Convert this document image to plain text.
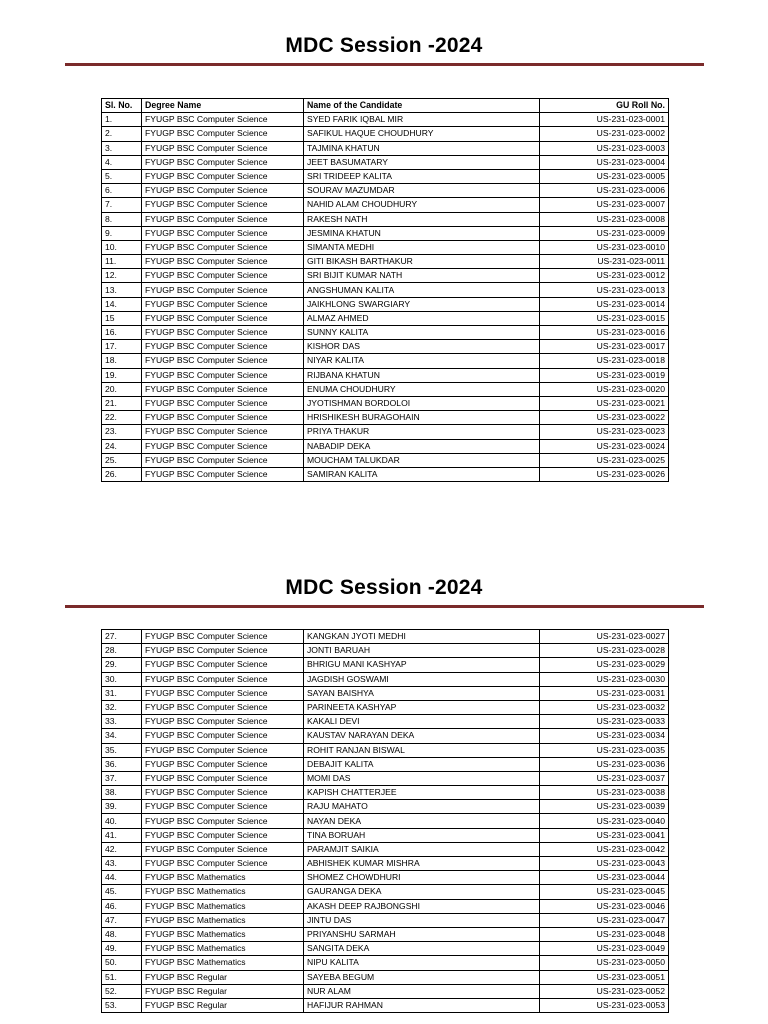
MDC Session -2024
Sl. No.	Degree Name	Name of the Candidate	GU Roll No.
1.	FYUGP BSC Computer Science	SYED FARIK IQBAL MIR	US-231-023-0001
2.	FYUGP BSC Computer Science	SAFIKUL HAQUE CHOUDHURY	US-231-023-0002
3.	FYUGP BSC Computer Science	TAJMINA KHATUN	US-231-023-0003
4.	FYUGP BSC Computer Science	JEET BASUMATARY	US-231-023-0004
5.	FYUGP BSC Computer Science	SRI TRIDEEP KALITA	US-231-023-0005
6.	FYUGP BSC Computer Science	SOURAV MAZUMDAR	US-231-023-0006
7.	FYUGP BSC Computer Science	NAHID ALAM CHOUDHURY	US-231-023-0007
8.	FYUGP BSC Computer Science	RAKESH NATH	US-231-023-0008
9.	FYUGP BSC Computer Science	JESMINA KHATUN	US-231-023-0009
10.	FYUGP BSC Computer Science	SIMANTA MEDHI	US-231-023-0010
11.	FYUGP BSC Computer Science	GITI BIKASH BARTHAKUR	US-231-023-0011
12.	FYUGP BSC Computer Science	SRI BIJIT KUMAR NATH	US-231-023-0012
13.	FYUGP BSC Computer Science	ANGSHUMAN KALITA	US-231-023-0013
14.	FYUGP BSC Computer Science	JAIKHLONG SWARGIARY	US-231-023-0014
15	FYUGP BSC Computer Science	ALMAZ AHMED	US-231-023-0015
16.	FYUGP BSC Computer Science	SUNNY KALITA	US-231-023-0016
17.	FYUGP BSC Computer Science	KISHOR DAS	US-231-023-0017
18.	FYUGP BSC Computer Science	NIYAR KALITA	US-231-023-0018
19.	FYUGP BSC Computer Science	RIJBANA KHATUN	US-231-023-0019
20.	FYUGP BSC Computer Science	ENUMA CHOUDHURY	US-231-023-0020
21.	FYUGP BSC Computer Science	JYOTISHMAN BORDOLOI	US-231-023-0021
22.	FYUGP BSC Computer Science	HRISHIKESH BURAGOHAIN	US-231-023-0022
23.	FYUGP BSC Computer Science	PRIYA THAKUR	US-231-023-0023
24.	FYUGP BSC Computer Science	NABADIP DEKA	US-231-023-0024
25.	FYUGP BSC Computer Science	MOUCHAM TALUKDAR	US-231-023-0025
26.	FYUGP BSC Computer Science	SAMIRAN KALITA	US-231-023-0026
MDC Session -2024
27.	FYUGP BSC Computer Science	KANGKAN JYOTI MEDHI	US-231-023-0027
28.	FYUGP BSC Computer Science	JONTI BARUAH	US-231-023-0028
29.	FYUGP BSC Computer Science	BHRIGU MANI KASHYAP	US-231-023-0029
30.	FYUGP BSC Computer Science	JAGDISH GOSWAMI	US-231-023-0030
31.	FYUGP BSC Computer Science	SAYAN BAISHYA	US-231-023-0031
32.	FYUGP BSC Computer Science	PARINEETA KASHYAP	US-231-023-0032
33.	FYUGP BSC Computer Science	KAKALI DEVI	US-231-023-0033
34.	FYUGP BSC Computer Science	KAUSTAV NARAYAN DEKA	US-231-023-0034
35.	FYUGP BSC Computer Science	ROHIT RANJAN BISWAL	US-231-023-0035
36.	FYUGP BSC Computer Science	DEBAJIT KALITA	US-231-023-0036
37.	FYUGP BSC Computer Science	MOMI DAS	US-231-023-0037
38.	FYUGP BSC Computer Science	KAPISH CHATTERJEE	US-231-023-0038
39.	FYUGP BSC Computer Science	RAJU MAHATO	US-231-023-0039
40.	FYUGP BSC Computer Science	NAYAN DEKA	US-231-023-0040
41.	FYUGP BSC Computer Science	TINA BORUAH	US-231-023-0041
42.	FYUGP BSC Computer Science	PARAMJIT SAIKIA	US-231-023-0042
43.	FYUGP BSC Computer Science	ABHISHEK KUMAR MISHRA	US-231-023-0043
44.	FYUGP BSC Mathematics	SHOMEZ CHOWDHURI	US-231-023-0044
45.	FYUGP BSC Mathematics	GAURANGA DEKA	US-231-023-0045
46.	FYUGP BSC Mathematics	AKASH DEEP RAJBONGSHI	US-231-023-0046
47.	FYUGP BSC Mathematics	JINTU DAS	US-231-023-0047
48.	FYUGP BSC Mathematics	PRIYANSHU SARMAH	US-231-023-0048
49.	FYUGP BSC Mathematics	SANGITA DEKA	US-231-023-0049
50.	FYUGP BSC Mathematics	NIPU KALITA	US-231-023-0050
51.	FYUGP BSC Regular	SAYEBA BEGUM	US-231-023-0051
52.	FYUGP BSC Regular	NUR ALAM	US-231-023-0052
53.	FYUGP BSC Regular	HAFIJUR RAHMAN	US-231-023-0053
